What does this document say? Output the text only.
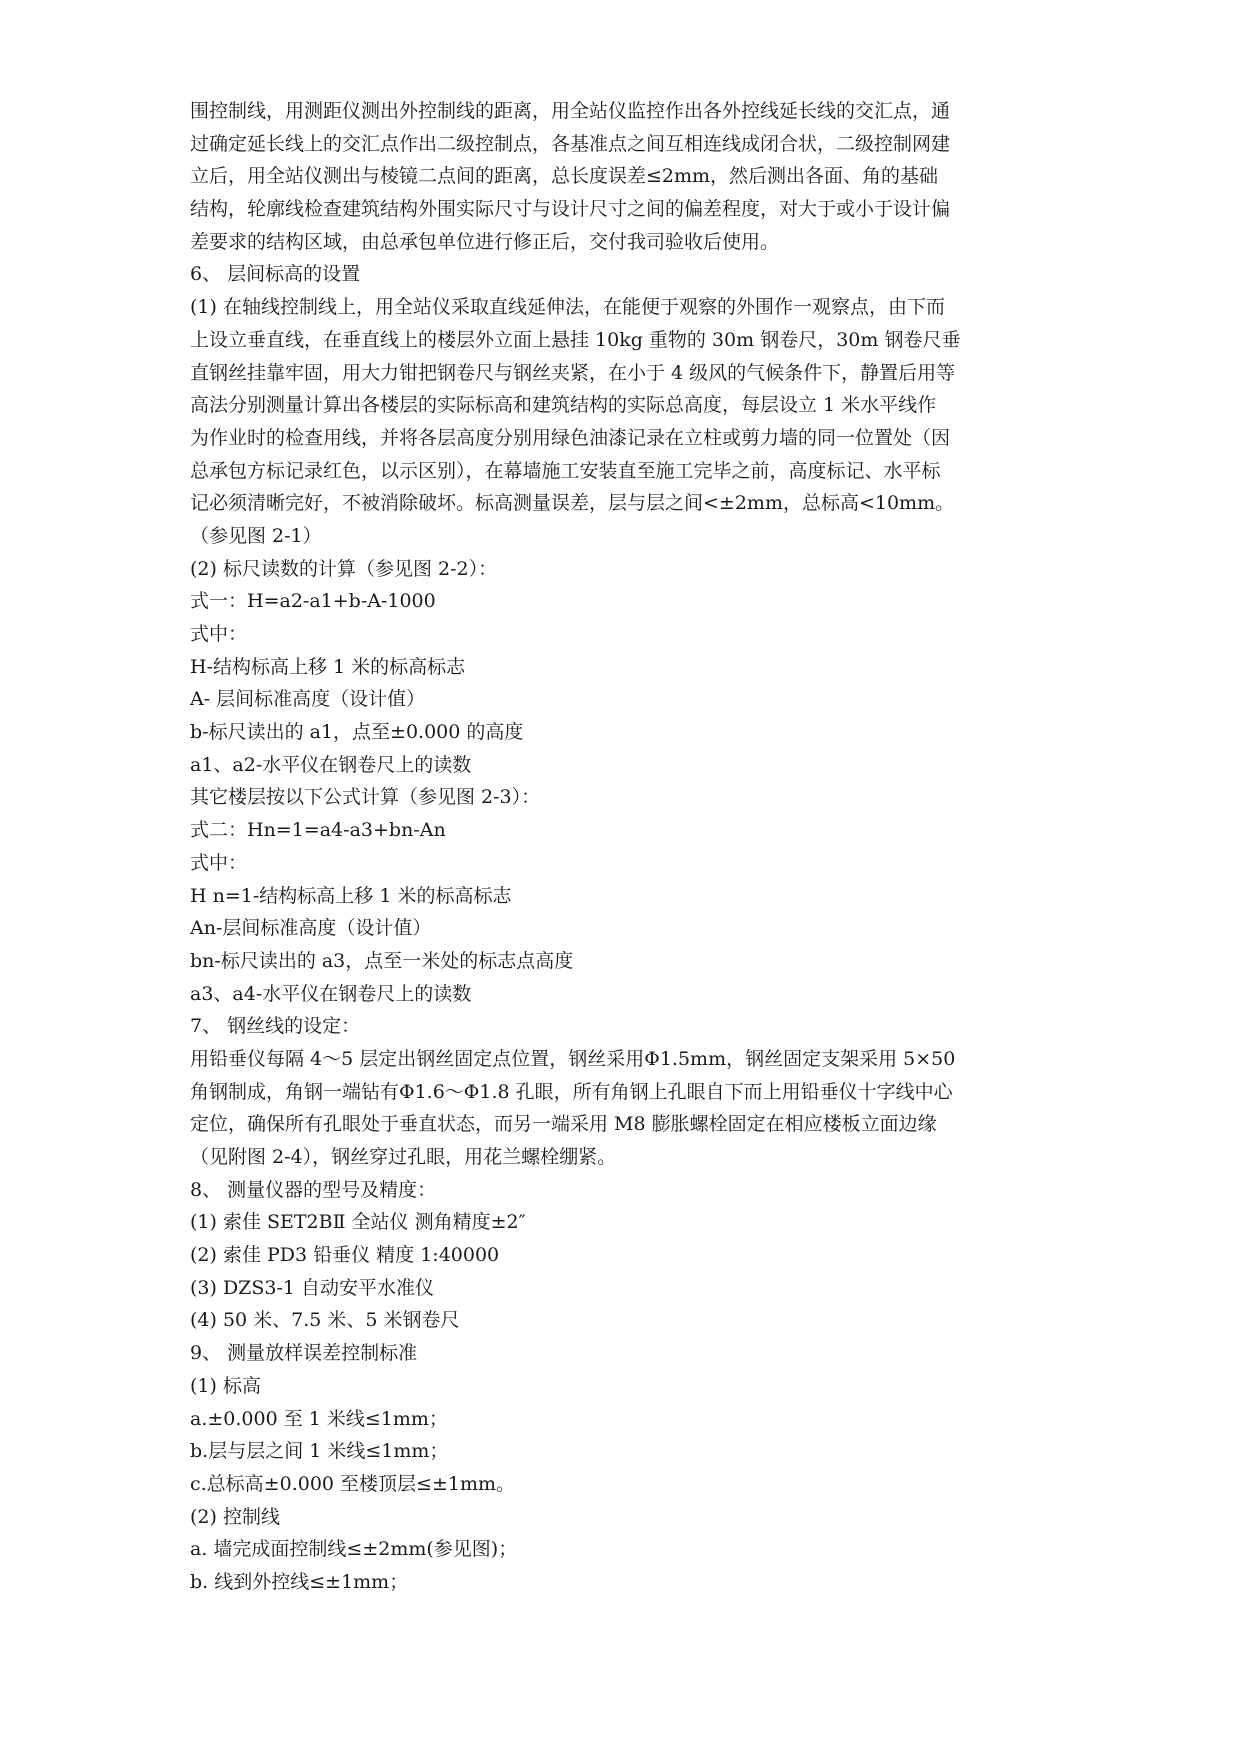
围控制线，用测距仪测出外控制线的距离，用全站仪监控作出各外控线延长线的交汇点，通
过确定延长线上的交汇点作出二级控制点，各基准点之间互相连线成闭合状，二级控制网建
立后，用全站仪测出与棱镜二点间的距离，总长度误差≤2mm，然后测出各面、角的基础
结构，轮廓线检查建筑结构外围实际尺寸与设计尺寸之间的偏差程度，对大于或小于设计偏
差要求的结构区域，由总承包单位进行修正后，交付我司验收后使用。
6、 层间标高的设置
(1) 在轴线控制线上，用全站仪采取直线延伸法，在能便于观察的外围作一观察点，由下而
上设立垂直线，在垂直线上的楼层外立面上悬挂 10kg 重物的 30m 钢卷尺，30m 钢卷尺垂
直钢丝挂靠牢固，用大力钳把钢卷尺与钢丝夹紧，在小于 4 级风的气候条件下，静置后用等
高法分别测量计算出各楼层的实际标高和建筑结构的实际总高度，每层设立 1 米水平线作
为作业时的检查用线，并将各层高度分别用绿色油漆记录在立柱或剪力墙的同一位置处（因
总承包方标记录红色，以示区别），在幕墙施工安装直至施工完毕之前，高度标记、水平标
记必须清晰完好，不被消除破坏。标高测量误差，层与层之间<±2mm，总标高<10mm。
（参见图 2-1）
(2) 标尺读数的计算（参见图 2-2）：
式一：H=a2-a1+b-A-1000
式中：
H-结构标高上移 1 米的标高标志
A- 层间标准高度（设计值）
b-标尺读出的 a1，点至±0.000 的高度
a1、a2-水平仪在钢卷尺上的读数
其它楼层按以下公式计算（参见图 2-3）：
式二：Hn=1=a4-a3+bn-An
式中：
H n=1-结构标高上移 1 米的标高标志
An-层间标准高度（设计值）
bn-标尺读出的 a3，点至一米处的标志点高度
a3、a4-水平仪在钢卷尺上的读数
7、 钢丝线的设定：
用铅垂仪每隔 4～5 层定出钢丝固定点位置，钢丝采用Φ1.5mm，钢丝固定支架采用 5×50
角钢制成，角钢一端钻有Φ1.6～Φ1.8 孔眼，所有角钢上孔眼自下而上用铅垂仪十字线中心
定位，确保所有孔眼处于垂直状态，而另一端采用 M8 膨胀螺栓固定在相应楼板立面边缘
（见附图 2-4），钢丝穿过孔眼，用花兰螺栓绷紧。
8、 测量仪器的型号及精度：
(1) 索佳 SET2BⅡ 全站仪 测角精度±2″
(2) 索佳 PD3 铅垂仪 精度 1:40000
(3) DZS3-1 自动安平水准仪
(4) 50 米、7.5 米、5 米钢卷尺
9、 测量放样误差控制标准
(1) 标高
a.±0.000 至 1 米线≤1mm；
b.层与层之间 1 米线≤1mm；
c.总标高±0.000 至楼顶层≤±1mm。
(2) 控制线
a. 墙完成面控制线≤±2mm(参见图)；
b. 线到外控线≤±1mm；
